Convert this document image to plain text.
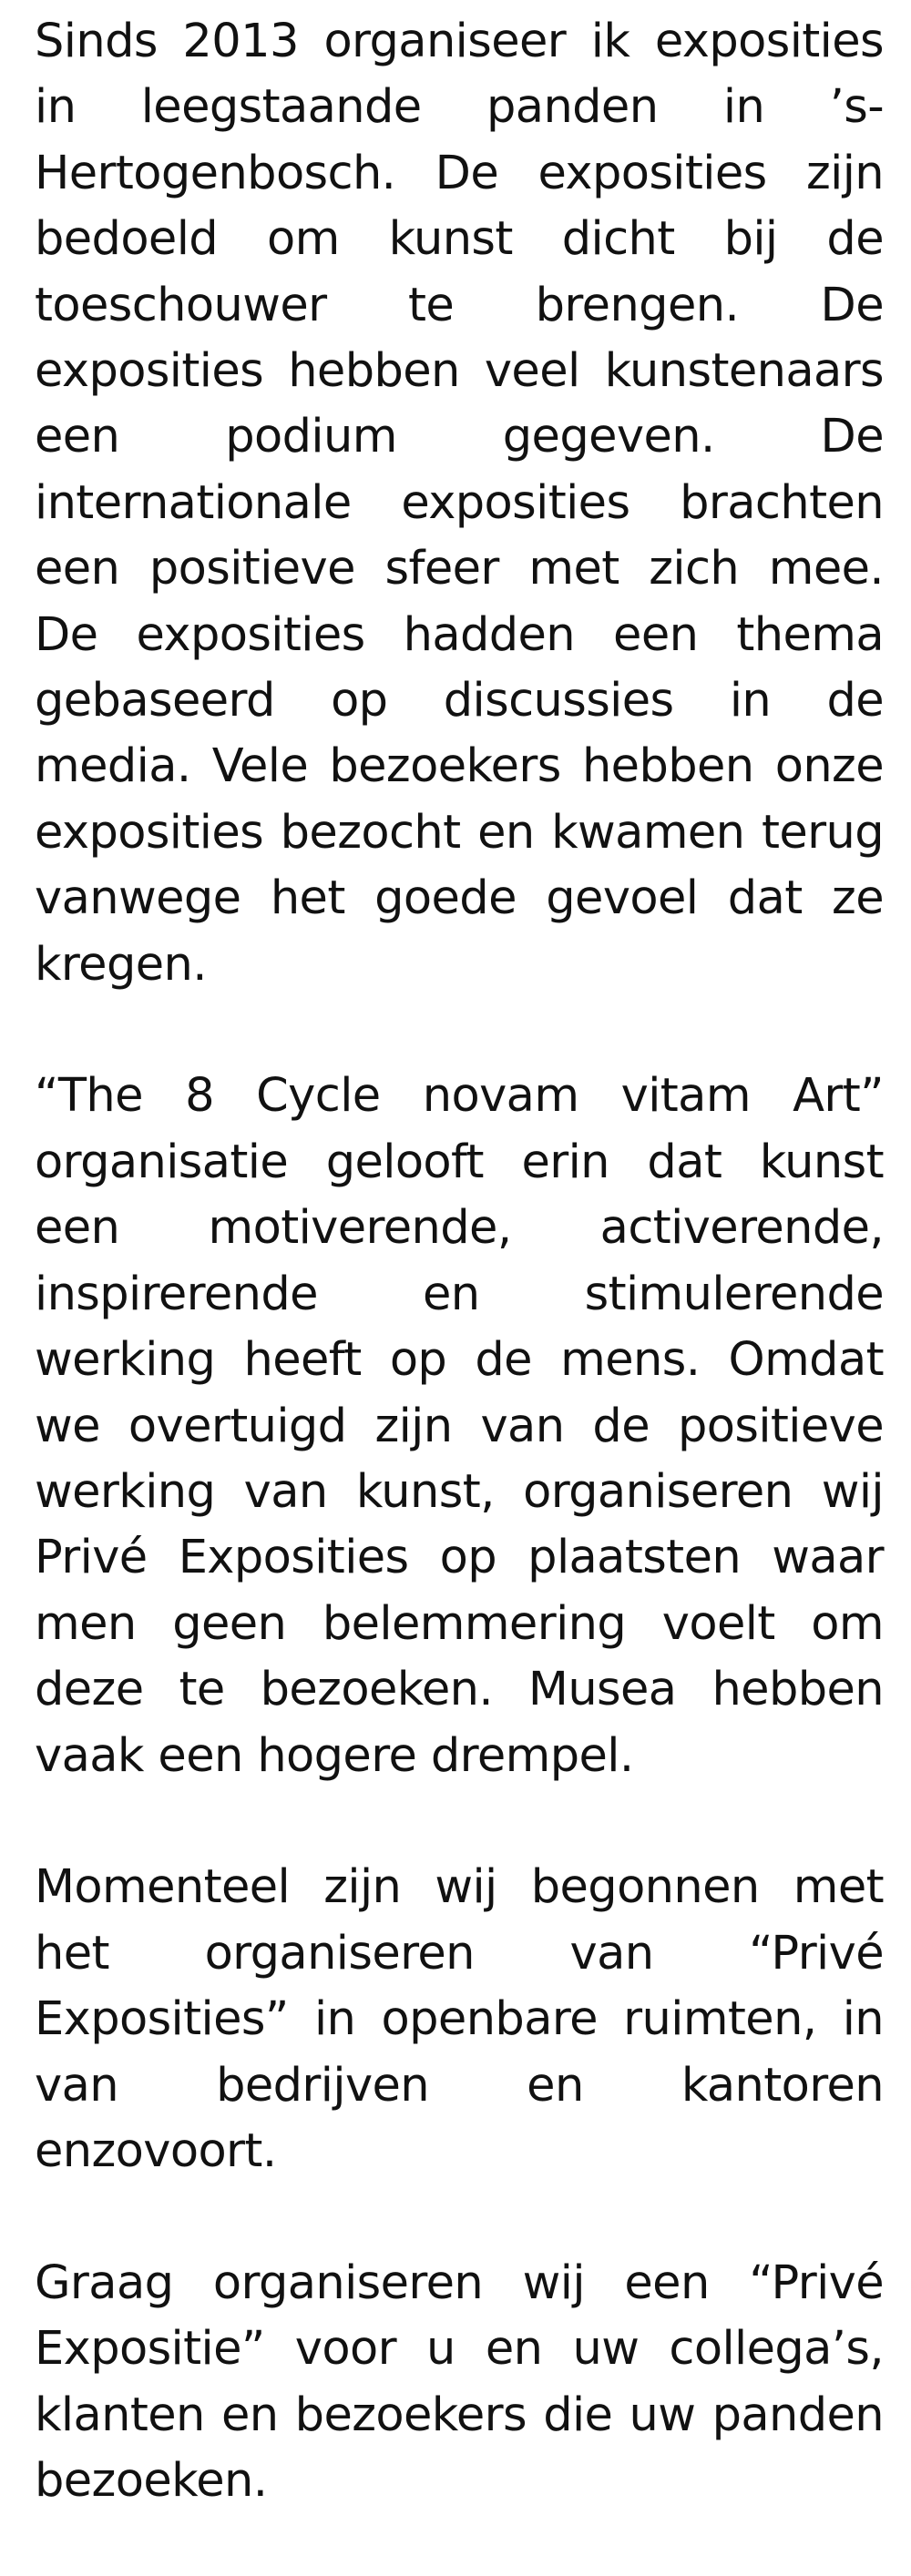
Sinds 2013 organiseer ik exposities in leegstaande panden in ’s-Hertogenbosch. De exposities zijn bedoeld om kunst dicht bij de toeschouwer te brengen. De exposities hebben veel kunstenaars een podium gegeven. De internationale exposities brachten een positieve sfeer met zich mee. De exposities hadden een thema gebaseerd op discussies in de media. Vele bezoekers hebben onze exposities bezocht en kwamen terug vanwege het goede gevoel dat ze kregen.

“The 8 Cycle novam vitam Art” organisatie gelooft erin dat kunst een motiverende, activerende, inspirerende en stimulerende werking heeft op de mens. Omdat we overtuigd zijn van de positieve werking van kunst, organiseren wij Privé Exposities op plaatsten waar men geen belemmering voelt om deze te bezoeken. Musea hebben vaak een hogere drempel.

Momenteel zijn wij begonnen met het organiseren van “Privé Exposities” in openbare ruimten, in van bedrijven en kantoren enzovoort.

Graag organiseren wij een “Privé Expositie” voor u en uw collega’s, klanten en bezoekers die uw panden bezoeken.
